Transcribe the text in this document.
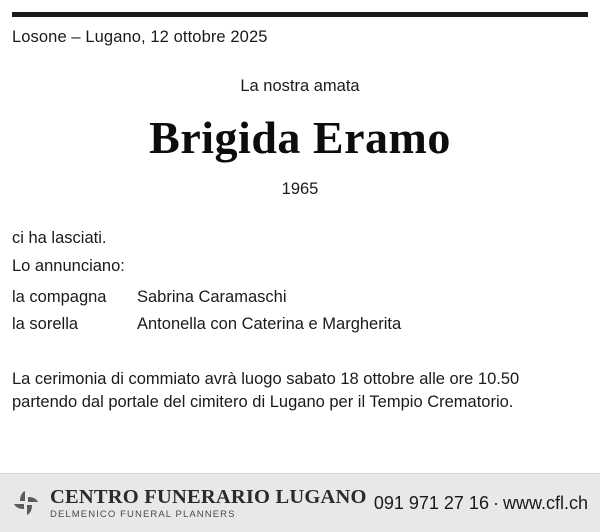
Losone – Lugano, 12 ottobre 2025
La nostra amata
Brigida Eramo
1965
ci ha lasciati.
Lo annunciano:
la compagna	Sabrina Caramaschi
la sorella	Antonella con Caterina e Margherita
La cerimonia di commiato avrà luogo sabato 18 ottobre alle ore 10.50 partendo dal portale del cimitero di Lugano per il Tempio Crematorio.
CENTRO FUNERARIO LUGANO
DELMENICO FUNERAL PLANNERS
091 971 27 16 · www.cfl.ch
